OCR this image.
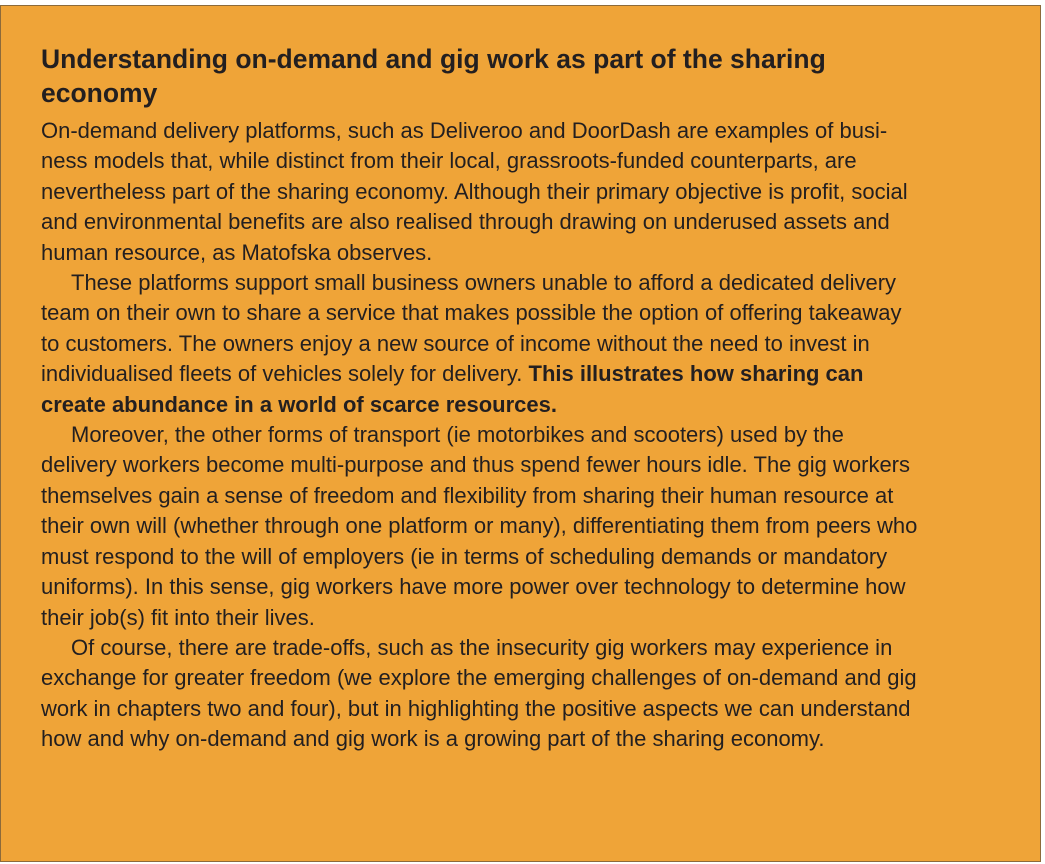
Understanding on-demand and gig work as part of the sharing
economy

On-demand delivery platforms, such as Deliveroo and DoorDash are examples of busi-
ness models that, while distinct from their local, grassroots-funded counterparts, are
nevertheless part of the sharing economy. Although their primary objective is profit, social
and environmental benefits are also realised through drawing on underused assets and
human resource, as Matofska observes.

These platforms support small business owners unable to afford a dedicated delivery
team on their own to share a service that makes possible the option of offering takeaway
to customers. The owners enjoy a new source of income without the need to invest in
individualised fleets of vehicles solely for delivery. This illustrates how sharing can
create abundance in a world of scarce resources.

Moreover, the other forms of transport (ie motorbikes and scooters) used by the
delivery workers become multi-purpose and thus spend fewer hours idle. The gig workers
themselves gain a sense of freedom and flexibility from sharing their human resource at
their own will (whether through one platform or many), differentiating them from peers who
must respond to the will of employers (ie in terms of scheduling demands or mandatory
uniforms). In this sense, gig workers have more power over technology to determine how
their job(s) fit into their lives.

Of course, there are trade-offs, such as the insecurity gig workers may experience in
exchange for greater freedom (we explore the emerging challenges of on-demand and gig
work in chapters two and four), but in highlighting the positive aspects we can understand
how and why on-demand and gig work is a growing part of the sharing economy.
